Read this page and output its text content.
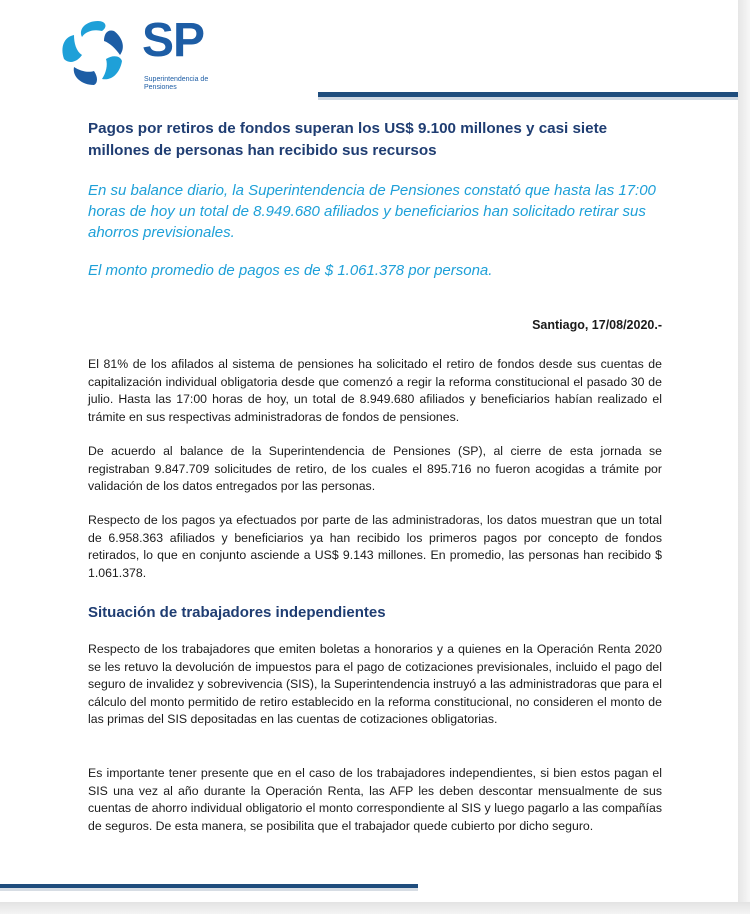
SP
Superintendencia de
Pensiones
Pagos por retiros de fondos superan los US$ 9.100 millones y casi siete millones de personas han recibido sus recursos
En su balance diario, la Superintendencia de Pensiones constató que hasta las 17:00 horas de hoy un total de 8.949.680 afiliados y beneficiarios han solicitado retirar sus ahorros previsionales.
El monto promedio de pagos es de $ 1.061.378 por persona.
Santiago, 17/08/2020.-
El 81% de los afilados al sistema de pensiones ha solicitado el retiro de fondos desde sus cuentas de capitalización individual obligatoria desde que comenzó a regir la reforma constitucional el pasado 30 de julio. Hasta las 17:00 horas de hoy, un total de 8.949.680 afiliados y beneficiarios habían realizado el trámite en sus respectivas administradoras de fondos de pensiones.
De acuerdo al balance de la Superintendencia de Pensiones (SP), al cierre de esta jornada se registraban 9.847.709 solicitudes de retiro, de los cuales el 895.716 no fueron acogidas a trámite por validación de los datos entregados por las personas.
Respecto de los pagos ya efectuados por parte de las administradoras, los datos muestran que un total de 6.958.363 afiliados y beneficiarios ya han recibido los primeros pagos por concepto de fondos retirados, lo que en conjunto asciende a US$ 9.143 millones. En promedio, las personas han recibido $ 1.061.378.
Situación de trabajadores independientes
Respecto de los trabajadores que emiten boletas a honorarios y a quienes en la Operación Renta 2020 se les retuvo la devolución de impuestos para el pago de cotizaciones previsionales, incluido el pago del seguro de invalidez y sobrevivencia (SIS), la Superintendencia instruyó a las administradoras que para el cálculo del monto permitido de retiro establecido en la reforma constitucional, no consideren el monto de las primas del SIS depositadas en las cuentas de cotizaciones obligatorias.
Es importante tener presente que en el caso de los trabajadores independientes, si bien estos pagan el SIS una vez al año durante la Operación Renta, las AFP les deben descontar mensualmente de sus cuentas de ahorro individual obligatorio el monto correspondiente al SIS y luego pagarlo a las compañías de seguros. De esta manera, se posibilita que el trabajador quede cubierto por dicho seguro.
